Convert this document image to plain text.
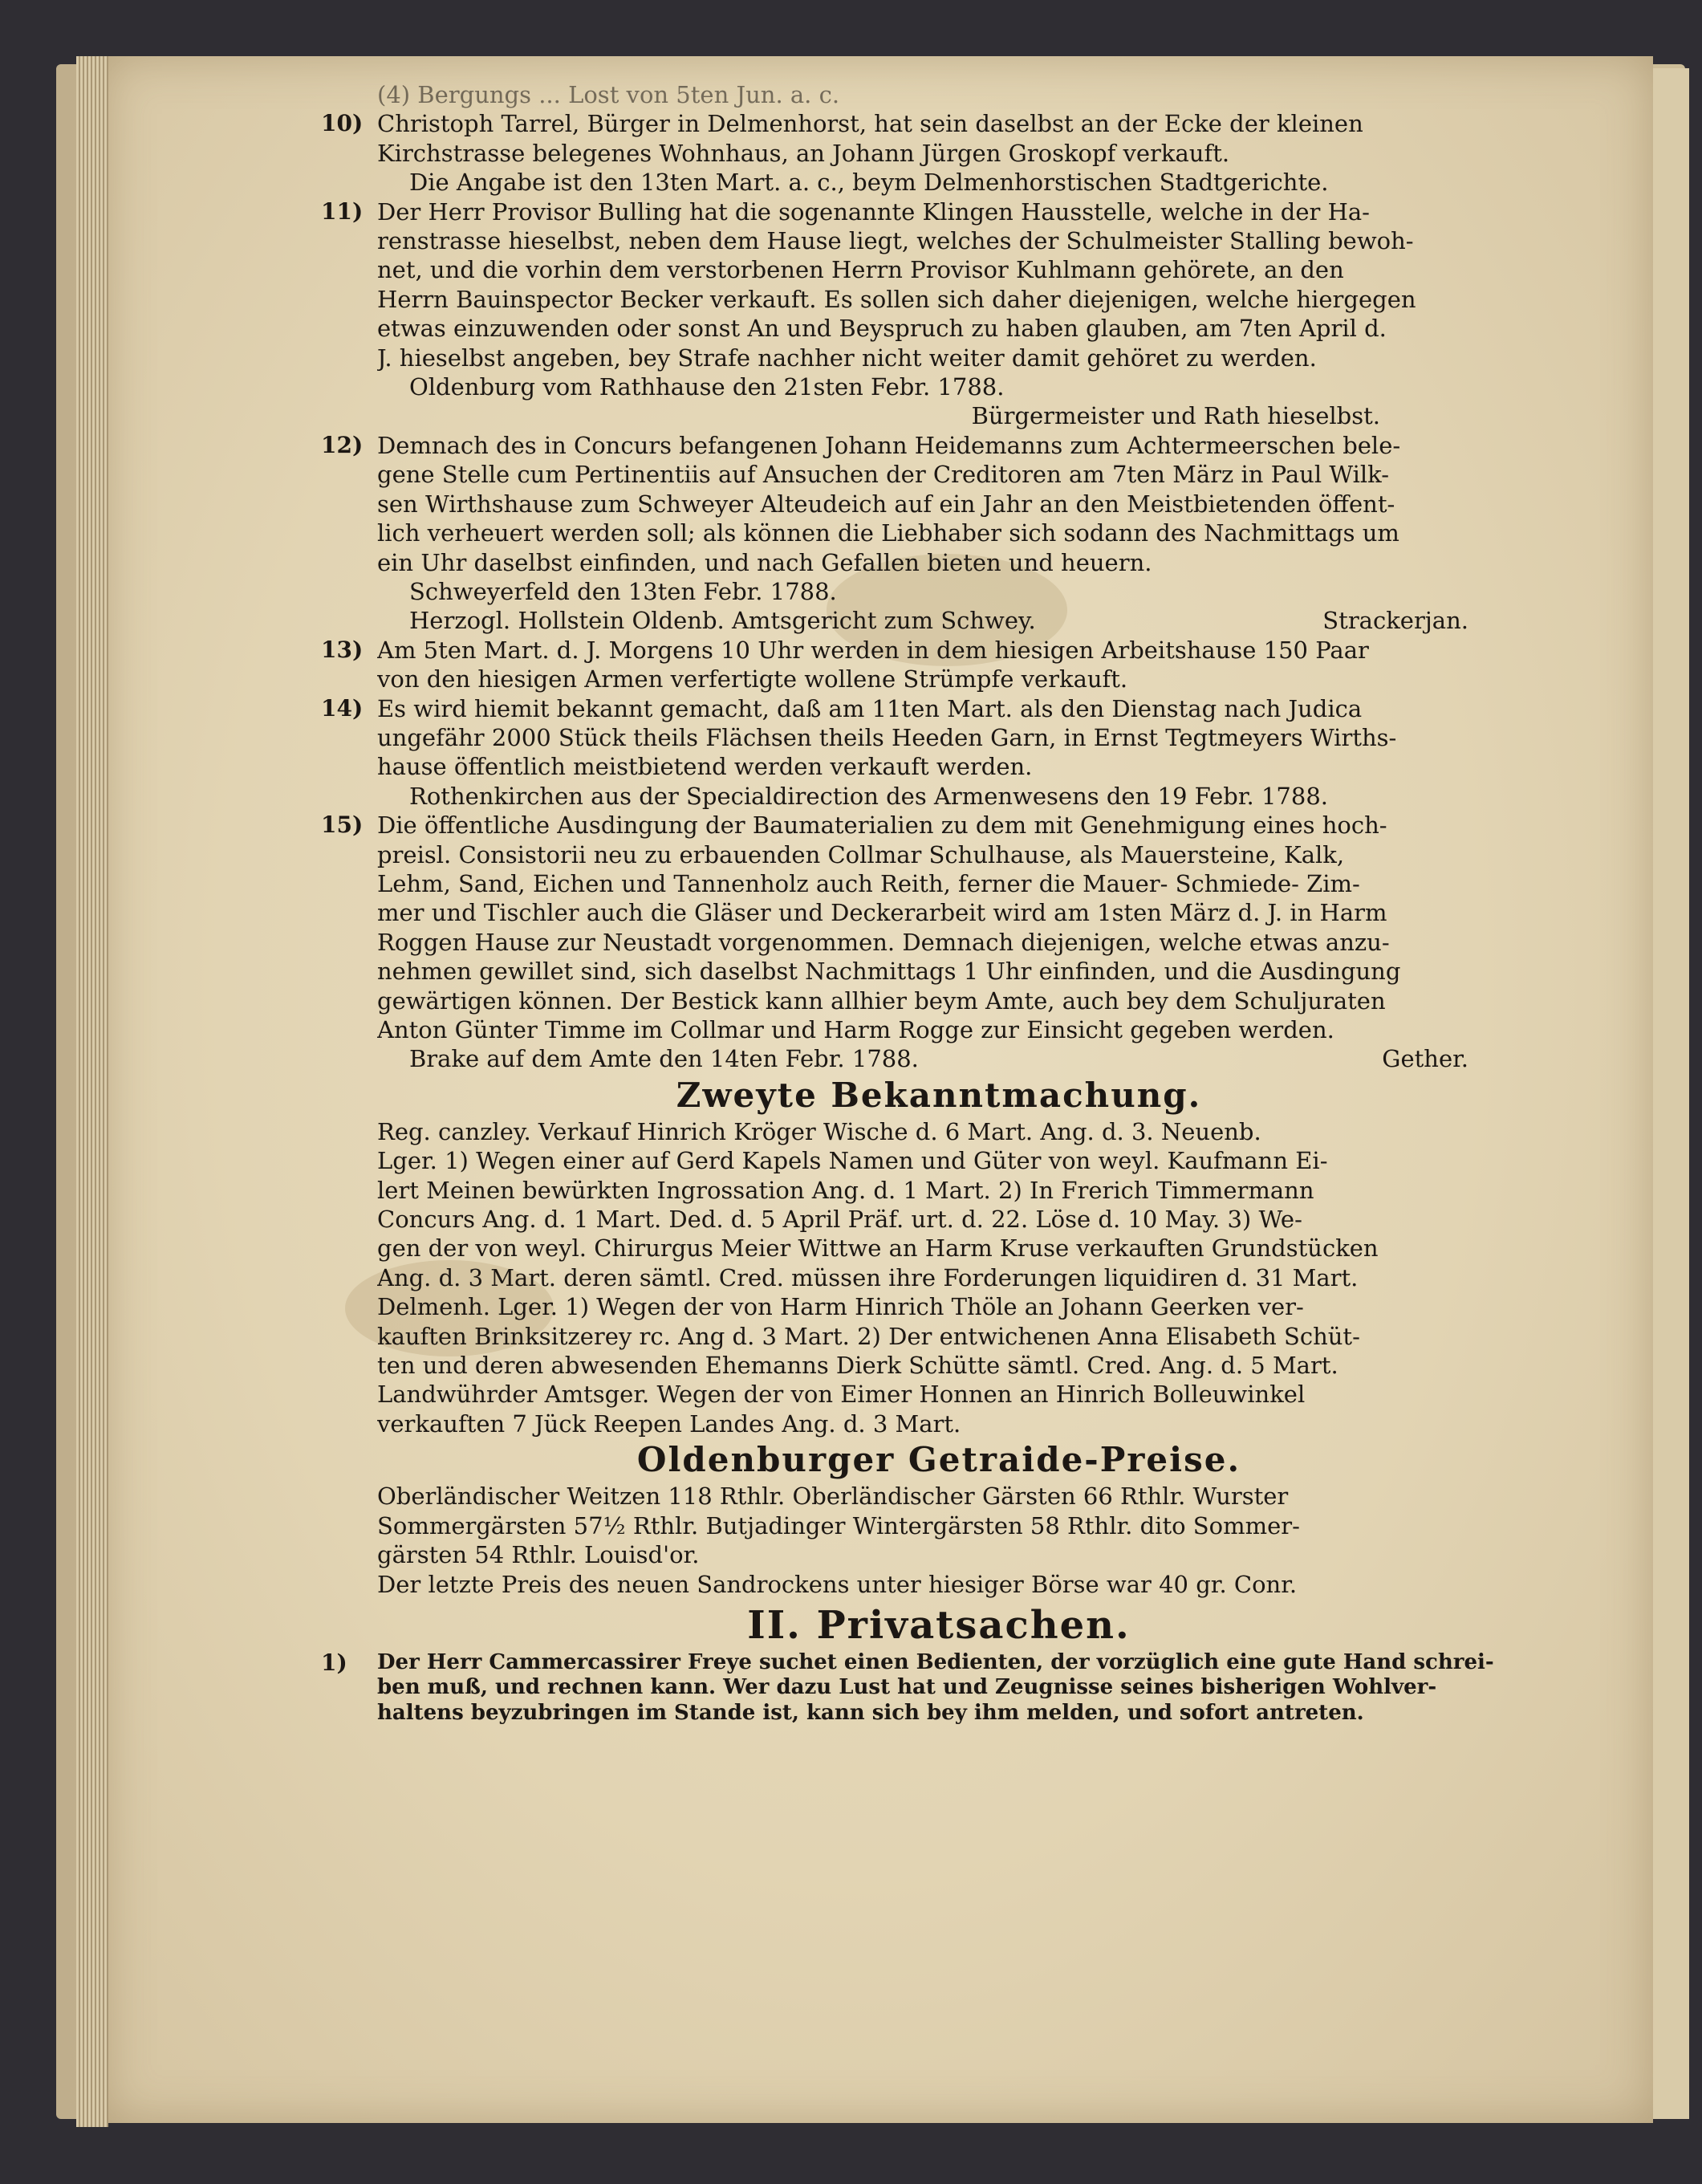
(4) Bergungs ... Lost von 5ten Jun. a. c.
10) Christoph Tarrel, Bürger in Delmenhorst, hat sein daselbst an der Ecke der kleinen
Kirchstrasse belegenes Wohnhaus, an Johann Jürgen Groskopf verkauft.
Die Angabe ist den 13ten Mart. a. c., beym Delmenhorstischen Stadtgerichte.
11) Der Herr Provisor Bulling hat die sogenannte Klingen Hausstelle, welche in der Ha-
renstrasse hieselbst, neben dem Hause liegt, welches der Schulmeister Stalling bewoh-
net, und die vorhin dem verstorbenen Herrn Provisor Kuhlmann gehörete, an den
Herrn Bauinspector Becker verkauft. Es sollen sich daher diejenigen, welche hiergegen
etwas einzuwenden oder sonst An und Beyspruch zu haben glauben, am 7ten April d.
J. hieselbst angeben, bey Strafe nachher nicht weiter damit gehöret zu werden.
Oldenburg vom Rathhause den 21sten Febr. 1788.
Bürgermeister und Rath hieselbst.
12) Demnach des in Concurs befangenen Johann Heidemanns zum Achtermeerschen bele-
gene Stelle cum Pertinentiis auf Ansuchen der Creditoren am 7ten März in Paul Wilk-
sen Wirthshause zum Schweyer Alteudeich auf ein Jahr an den Meistbietenden öffent-
lich verheuert werden soll; als können die Liebhaber sich sodann des Nachmittags um
ein Uhr daselbst einfinden, und nach Gefallen bieten und heuern.
Schweyerfeld den 13ten Febr. 1788.
Herzogl. Hollstein Oldenb. Amtsgericht zum Schwey.	Strackerjan.
13) Am 5ten Mart. d. J. Morgens 10 Uhr werden in dem hiesigen Arbeitshause 150 Paar
von den hiesigen Armen verfertigte wollene Strümpfe verkauft.
14) Es wird hiemit bekannt gemacht, daß am 11ten Mart. als den Dienstag nach Judica
ungefähr 2000 Stück theils Flächsen theils Heeden Garn, in Ernst Tegtmeyers Wirths-
hause öffentlich meistbietend werden verkauft werden.
Rothenkirchen aus der Specialdirection des Armenwesens den 19 Febr. 1788.
15) Die öffentliche Ausdingung der Baumaterialien zu dem mit Genehmigung eines hoch-
preisl. Consistorii neu zu erbauenden Collmar Schulhause, als Mauersteine, Kalk,
Lehm, Sand, Eichen und Tannenholz auch Reith, ferner die Mauer- Schmiede- Zim-
mer und Tischler auch die Gläser und Deckerarbeit wird am 1sten März d. J. in Harm
Roggen Hause zur Neustadt vorgenommen. Demnach diejenigen, welche etwas anzu-
nehmen gewillet sind, sich daselbst Nachmittags 1 Uhr einfinden, und die Ausdingung
gewärtigen können. Der Bestick kann allhier beym Amte, auch bey dem Schuljuraten
Anton Günter Timme im Collmar und Harm Rogge zur Einsicht gegeben werden.
Brake auf dem Amte den 14ten Febr. 1788.	Gether.
Zweyte Bekanntmachung.
Reg. canzley. Verkauf Hinrich Kröger Wische d. 6 Mart. Ang. d. 3. Neuenb.
Lger. 1) Wegen einer auf Gerd Kapels Namen und Güter von weyl. Kaufmann Ei-
lert Meinen bewürkten Ingrossation Ang. d. 1 Mart. 2) In Frerich Timmermann
Concurs Ang. d. 1 Mart. Ded. d. 5 April Präf. urt. d. 22. Löse d. 10 May. 3) We-
gen der von weyl. Chirurgus Meier Wittwe an Harm Kruse verkauften Grundstücken
Ang. d. 3 Mart. deren sämtl. Cred. müssen ihre Forderungen liquidiren d. 31 Mart.
Delmenh. Lger. 1) Wegen der von Harm Hinrich Thöle an Johann Geerken ver-
kauften Brinksitzerey rc. Ang d. 3 Mart. 2) Der entwichenen Anna Elisabeth Schüt-
ten und deren abwesenden Ehemanns Dierk Schütte sämtl. Cred. Ang. d. 5 Mart.
Landwührder Amtsger. Wegen der von Eimer Honnen an Hinrich Bolleuwinkel
verkauften 7 Jück Reepen Landes Ang. d. 3 Mart.
Oldenburger Getraide-Preise.
Oberländischer Weitzen 118 Rthlr. Oberländischer Gärsten 66 Rthlr. Wurster
Sommergärsten 57½ Rthlr. Butjadinger Wintergärsten 58 Rthlr. dito Sommer-
gärsten 54 Rthlr. Louisd'or.
Der letzte Preis des neuen Sandrockens unter hiesiger Börse war 40 gr. Conr.
II. Privatsachen.
1) Der Herr Cammercassirer Freye suchet einen Bedienten, der vorzüglich eine gute Hand schrei-
ben muß, und rechnen kann. Wer dazu Lust hat und Zeugnisse seines bisherigen Wohlver-
haltens beyzubringen im Stande ist, kann sich bey ihm melden, und sofort antreten.
